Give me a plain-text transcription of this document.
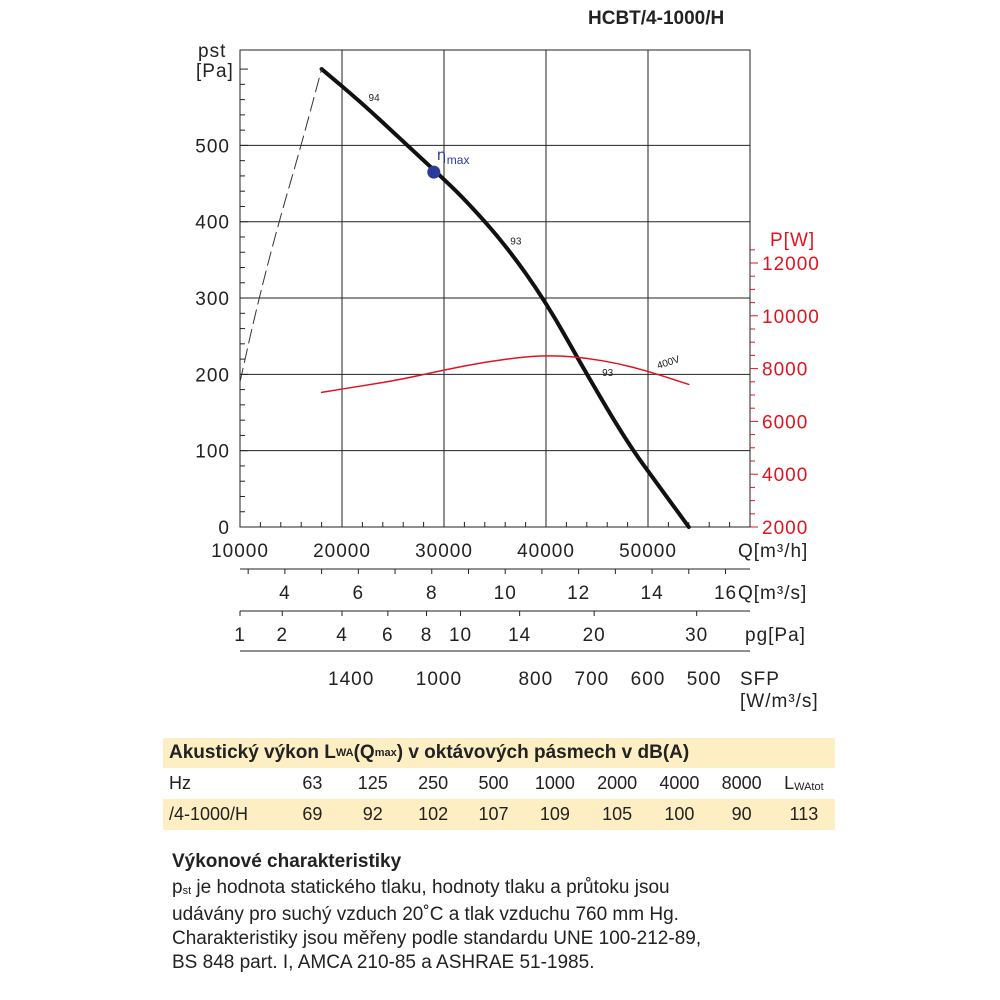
HCBT/4-1000/H
0
100
200
300
400
500
pst
[Pa]
2000
4000
6000
8000
10000
12000
P[W]
10000 20000 30000 40000 50000	Q[m³/h]
4	6	8	10	12	14	16 Q[m³/s]
1 2	4 6 8 10 14	20	30 pg[Pa]
1400 1000	800 700 600 500 SFP
[W/m³/s]
94
93
93
400V
η max
Akustický výkon L WA (Q max ) v oktávových pásmech v dB(A)
Hz	63	125	250	500	1000	2000	4000	8000	$L_{WAtot}$
/4-1000/H	69	92	102	107	109	105	100	90	113
Výkonové charakteristiky
$p_{st}$ je hodnota statického tlaku, hodnoty tlaku a průtoku jsou
udávány pro suchý vzduch 20˚C a tlak vzduchu 760 mm Hg.
Charakteristiky jsou měřeny podle standardu UNE 100-212-89,
BS 848 part. I, AMCA 210-85 a ASHRAE 51-1985.
